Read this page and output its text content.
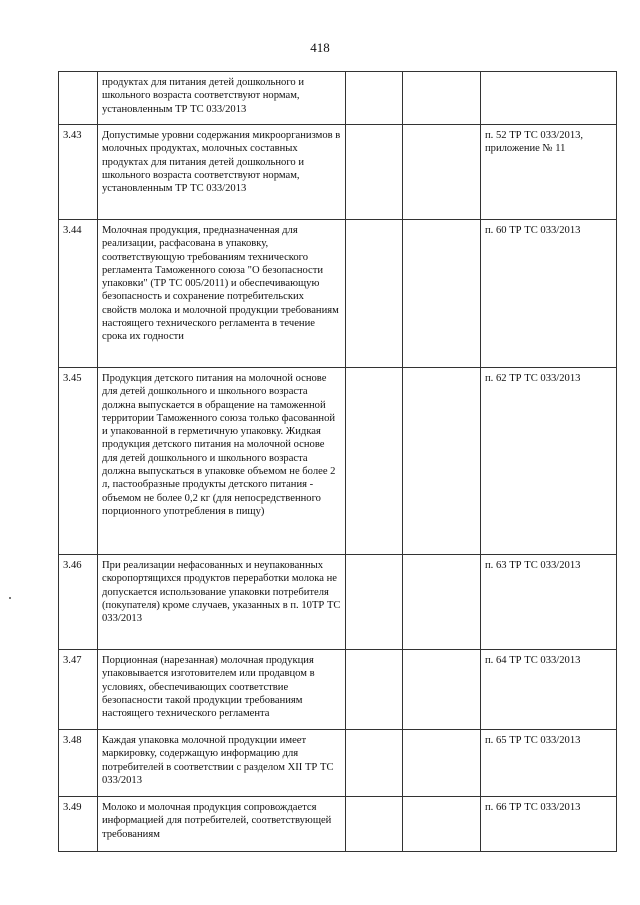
418
	продуктах для питания детей дошкольного и школьного возраста соответствуют нормам, установленным ТР ТС 033/2013			
3.43	Допустимые уровни содержания микроорганизмов в молочных продуктах, молочных составных продуктах для питания детей дошкольного и школьного возраста соответствуют нормам, установленным ТР ТС 033/2013			п. 52 ТР ТС 033/2013, приложение № 11
3.44	Молочная продукция, предназначенная для реализации, расфасована в упаковку, соответствующую требованиям технического регламента Таможенного союза "О безопасности упаковки" (ТР ТС 005/2011) и обеспечивающую безопасность и сохранение потребительских свойств молока и молочной продукции требованиям настоящего технического регламента в течение срока их годности			п. 60 ТР ТС 033/2013
3.45	Продукция детского питания на молочной основе для детей дошкольного и школьного возраста должна выпускается в обращение на таможенной территории Таможенного союза только фасованной и упакованной в герметичную упаковку. Жидкая продукция детского питания на молочной основе для детей дошкольного и школьного возраста должна выпускаться в упаковке объемом не более 2 л, пастообразные продукты детского питания - объемом не более 0,2 кг (для непосредственного порционного употребления в пищу)			п. 62 ТР ТС 033/2013
3.46	При реализации нефасованных и неупакованных скоропортящихся продуктов переработки молока не допускается использование упаковки потребителя (покупателя) кроме случаев, указанных в п. 10ТР ТС 033/2013			п. 63 ТР ТС 033/2013
3.47	Порционная (нарезанная) молочная продукция упаковывается изготовителем или продавцом в условиях, обеспечивающих соответствие безопасности такой продукции требованиям настоящего технического регламента			п. 64 ТР ТС 033/2013
3.48	Каждая упаковка молочной продукции имеет маркировку, содержащую информацию для потребителей в соответствии с разделом XII ТР ТС 033/2013			п. 65 ТР ТС 033/2013
3.49	Молоко и молочная продукция сопровождается информацией для потребителей, соответствующей требованиям			п. 66 ТР ТС 033/2013
